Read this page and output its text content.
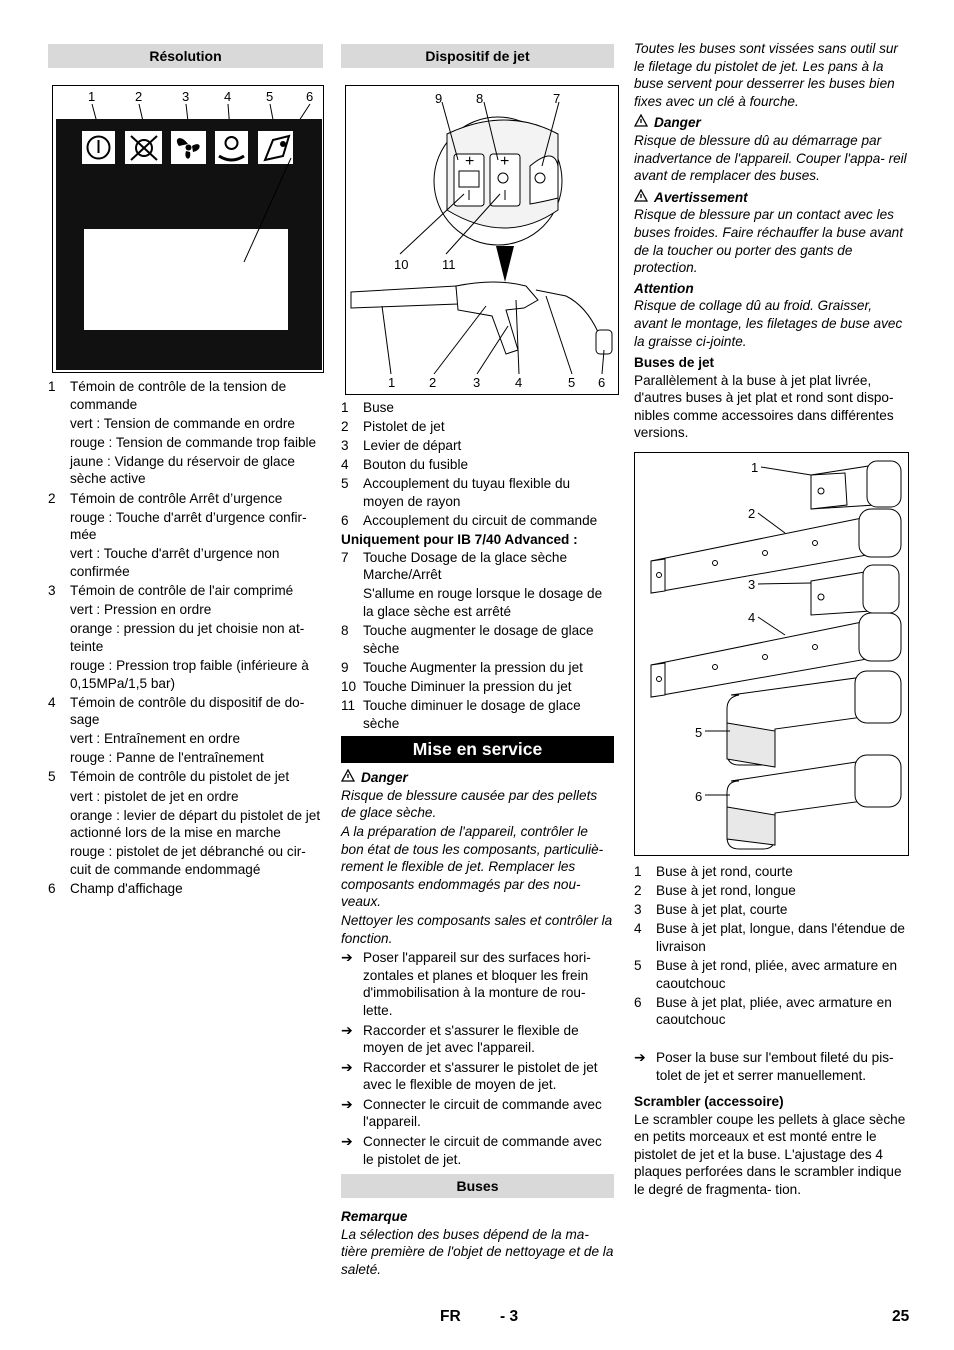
Résolution
1	2	3	4	5	6
1	Témoin de contrôle de la tension de commande
vert : Tension de commande en ordre
rouge : Tension de commande trop faible
jaune : Vidange du réservoir de glace sèche active
2	Témoin de contrôle Arrêt d’urgence
rouge : Touche d'arrêt d’urgence confir- mée
vert : Touche d'arrêt d’urgence non confirmée
3	Témoin de contrôle de l'air comprimé
vert : Pression en ordre
orange : pression du jet choisie non at- teinte
rouge : Pression trop faible (inférieure à 0,15MPa/1,5 bar)
4	Témoin de contrôle du dispositif de do- sage
vert : Entraînement en ordre
rouge : Panne de l'entraînement
5	Témoin de contrôle du pistolet de jet
vert : pistolet de jet en ordre
orange : levier de départ du pistolet de jet actionné lors de la mise en marche
rouge : pistolet de jet débranché ou cir- cuit de commande endommagé
6	Champ d'affichage
Dispositif de jet
9	8	7
10	11
1	2	3	4	5 6
+ +
1	Buse
2	Pistolet de jet
3	Levier de départ
4	Bouton du fusible
5	Accouplement du tuyau flexible du moyen de rayon
6	Accouplement du circuit de commande
Uniquement pour IB 7/40 Advanced :
7	Touche Dosage de la glace sèche Marche/Arrêt
S'allume en rouge lorsque le dosage de la glace sèche est arrêté
8	Touche augmenter le dosage de glace sèche
9	Touche Augmenter la pression du jet
10 Touche Diminuer la pression du jet
11 Touche diminuer le dosage de glace sèche
Mise en service
Danger
Risque de blessure causée par des pellets de glace sèche.
A la préparation de l'appareil, contrôler le bon état de tous les composants, particuliè- rement le flexible de jet. Remplacer les composants endommagés par des nou- veaux.
Nettoyer les composants sales et contrôler la fonction.
➔ Poser l'appareil sur des surfaces hori- zontales et planes et bloquer les frein d'immobilisation à la monture de rou- lette.
➔ Raccorder et s'assurer le flexible de moyen de jet avec l'appareil.
➔ Raccorder et s'assurer le pistolet de jet avec le flexible de moyen de jet.
➔ Connecter le circuit de commande avec l'appareil.
➔ Connecter le circuit de commande avec le pistolet de jet.
Buses
Remarque
La sélection des buses dépend de la ma- tière première de l'objet de nettoyage et de la saleté.
Toutes les buses sont vissées sans outil sur le filetage du pistolet de jet. Les pans à la buse servent pour desserrer les buses bien fixes avec un clé à fourche.
Danger
Risque de blessure dû au démarrage par inadvertance de l'appareil. Couper l'appa- reil avant de remplacer des buses.
Avertissement
Risque de blessure par un contact avec les buses froides. Faire réchauffer la buse avant de la toucher ou porter des gants de protection.
Attention
Risque de collage dû au froid. Graisser, avant le montage, les filetages de buse avec la graisse ci-jointe.
Buses de jet
Parallèlement à la buse à jet plat livrée, d'autres buses à jet plat et rond sont dispo- nibles comme accessoires dans différentes versions.
1
2
3
4
5
6
1	Buse à jet rond, courte
2	Buse à jet rond, longue
3	Buse à jet plat, courte
4	Buse à jet plat, longue, dans l'étendue de livraison
5	Buse à jet rond, pliée, avec armature en caoutchouc
6	Buse à jet plat, pliée, avec armature en caoutchouc
➔ Poser la buse sur l'embout fileté du pis- tolet de jet et serrer manuellement.
Scrambler (accessoire)
Le scrambler coupe les pellets à glace sèche en petits morceaux et est monté entre le pistolet de jet et la buse. L'ajustage des 4 plaques perforées dans le scrambler indique le degré de fragmenta- tion.
FR	- 3	25
